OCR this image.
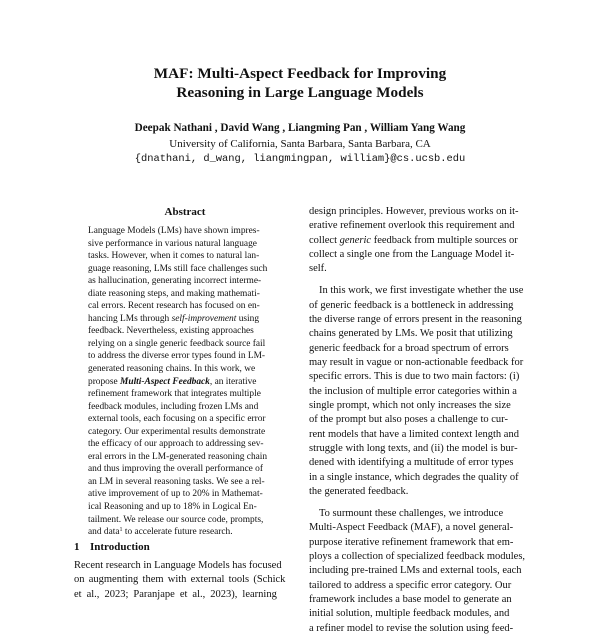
MAF: Multi-Aspect Feedback for Improving
Reasoning in Large Language Models
Deepak Nathani , David Wang , Liangming Pan , William Yang Wang
University of California, Santa Barbara, Santa Barbara, CA
{dnathani, d_wang, liangmingpan, william}@cs.ucsb.edu
Abstract
Language Models (LMs) have shown impres-
sive performance in various natural language
tasks. However, when it comes to natural lan-
guage reasoning, LMs still face challenges such
as hallucination, generating incorrect interme-
diate reasoning steps, and making mathemati-
cal errors. Recent research has focused on en-
hancing LMs through self-improvement using
feedback. Nevertheless, existing approaches
relying on a single generic feedback source fail
to address the diverse error types found in LM-
generated reasoning chains. In this work, we
propose Multi-Aspect Feedback, an iterative
refinement framework that integrates multiple
feedback modules, including frozen LMs and
external tools, each focusing on a specific error
category. Our experimental results demonstrate
the efficacy of our approach to addressing sev-
eral errors in the LM-generated reasoning chain
and thus improving the overall performance of
an LM in several reasoning tasks. We see a rel-
ative improvement of up to 20% in Mathemat-
ical Reasoning and up to 18% in Logical En-
tailment. We release our source code, prompts,
and data$^1$ to accelerate future research.
1 Introduction
Recent research in Language Models has focused
on augmenting them with external tools (Schick
et al., 2023; Paranjape et al., 2023), learning
design principles. However, previous works on it-
erative refinement overlook this requirement and
collect generic feedback from multiple sources or
collect a single one from the Language Model it-
self.
In this work, we first investigate whether the use
of generic feedback is a bottleneck in addressing
the diverse range of errors present in the reasoning
chains generated by LMs. We posit that utilizing
generic feedback for a broad spectrum of errors
may result in vague or non-actionable feedback for
specific errors. This is due to two main factors: (i)
the inclusion of multiple error categories within a
single prompt, which not only increases the size
of the prompt but also poses a challenge to cur-
rent models that have a limited context length and
struggle with long texts, and (ii) the model is bur-
dened with identifying a multitude of error types
in a single instance, which degrades the quality of
the generated feedback.
To surmount these challenges, we introduce
Multi-Aspect Feedback (MAF), a novel general-
purpose iterative refinement framework that em-
ploys a collection of specialized feedback modules,
including pre-trained LMs and external tools, each
tailored to address a specific error category. Our
framework includes a base model to generate an
initial solution, multiple feedback modules, and
a refiner model to revise the solution using feed-
